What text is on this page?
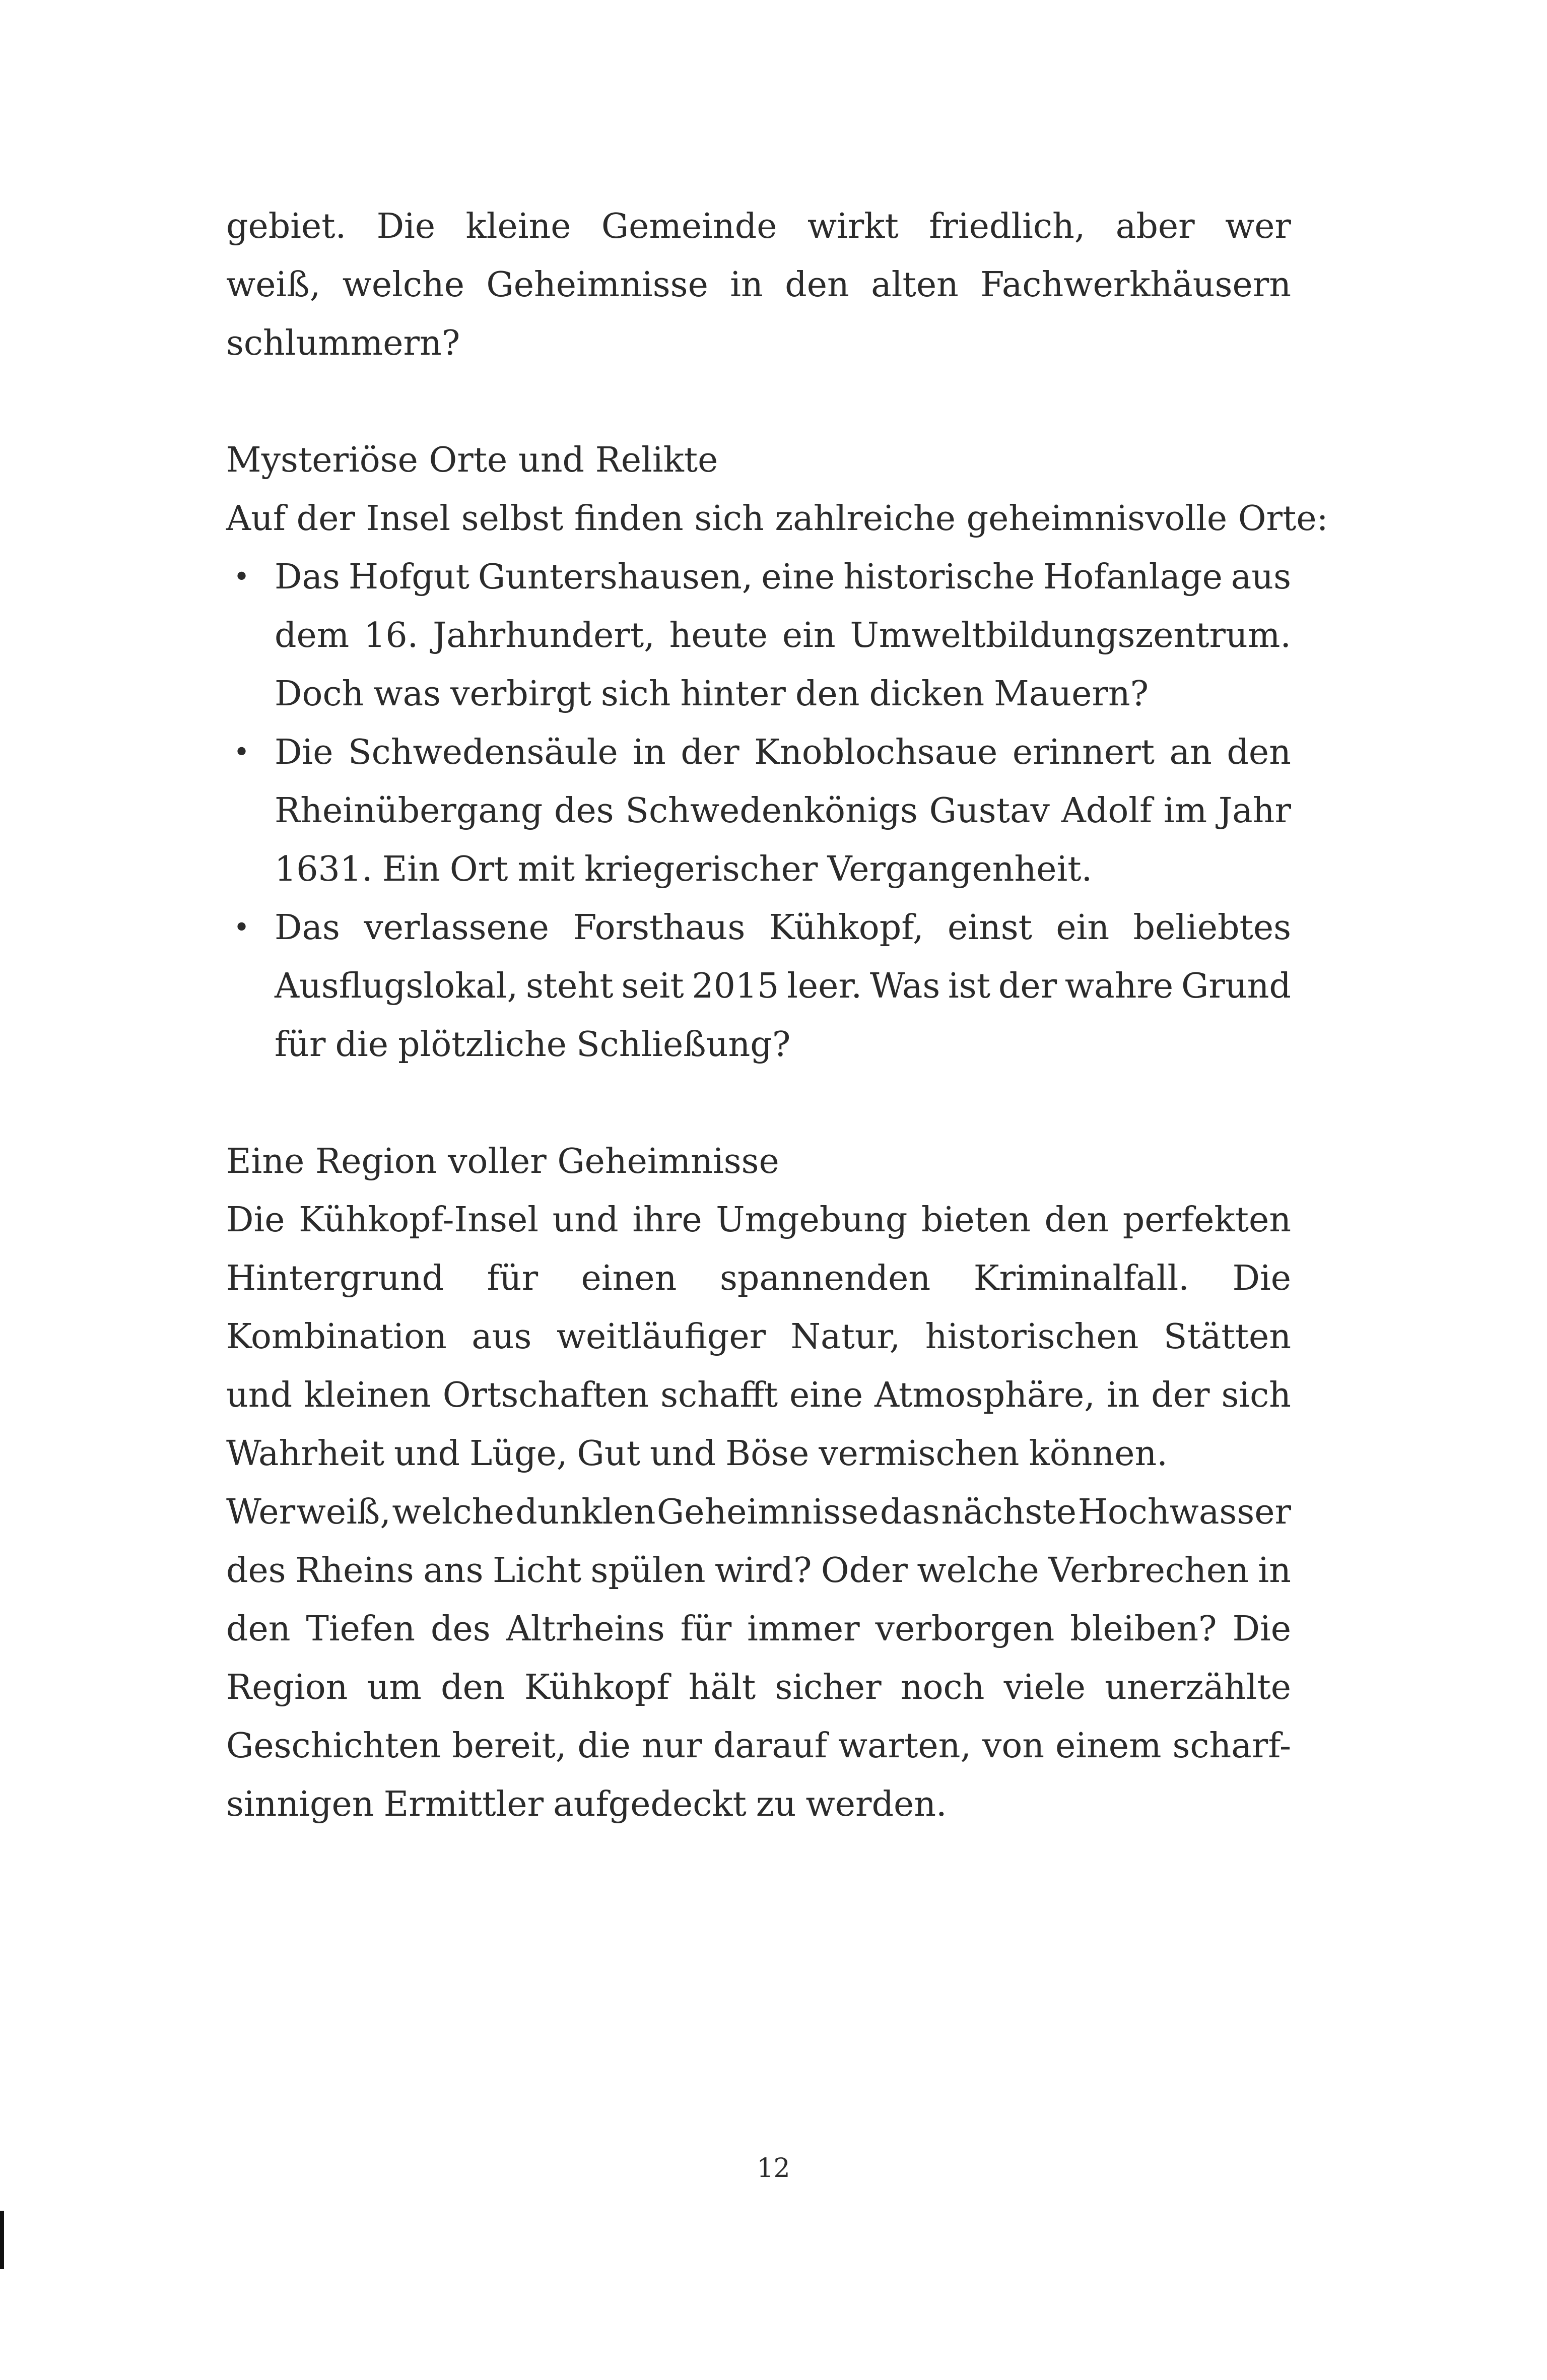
gebiet. Die kleine Gemeinde wirkt friedlich, aber wer
weiß, welche Geheimnisse in den alten Fachwerkhäusern
schlummern?
Mysteriöse Orte und Relikte
Auf der Insel selbst finden sich zahlreiche geheimnisvolle Orte:
• Das Hofgut Guntershausen, eine historische Hofanlage aus
dem 16. Jahrhundert, heute ein Umweltbildungszentrum.
Doch was verbirgt sich hinter den dicken Mauern?
• Die Schwedensäule in der Knoblochsaue erinnert an den
Rheinübergang des Schwedenkönigs Gustav Adolf im Jahr
1631. Ein Ort mit kriegerischer Vergangenheit.
• Das verlassene Forsthaus Kühkopf, einst ein beliebtes
Ausflugslokal, steht seit 2015 leer. Was ist der wahre Grund
für die plötzliche Schließung?
Eine Region voller Geheimnisse
Die Kühkopf-Insel und ihre Umgebung bieten den perfekten
Hintergrund für einen spannenden Kriminalfall. Die
Kombination aus weitläufiger Natur, historischen Stätten
und kleinen Ortschaften schafft eine Atmosphäre, in der sich
Wahrheit und Lüge, Gut und Böse vermischen können.
Wer weiß, welche dunklen Geheimnisse das nächste Hochwasser
des Rheins ans Licht spülen wird? Oder welche Verbrechen in
den Tiefen des Altrheins für immer verborgen bleiben? Die
Region um den Kühkopf hält sicher noch viele unerzählte
Geschichten bereit, die nur darauf warten, von einem scharf-
sinnigen Ermittler aufgedeckt zu werden.
12
